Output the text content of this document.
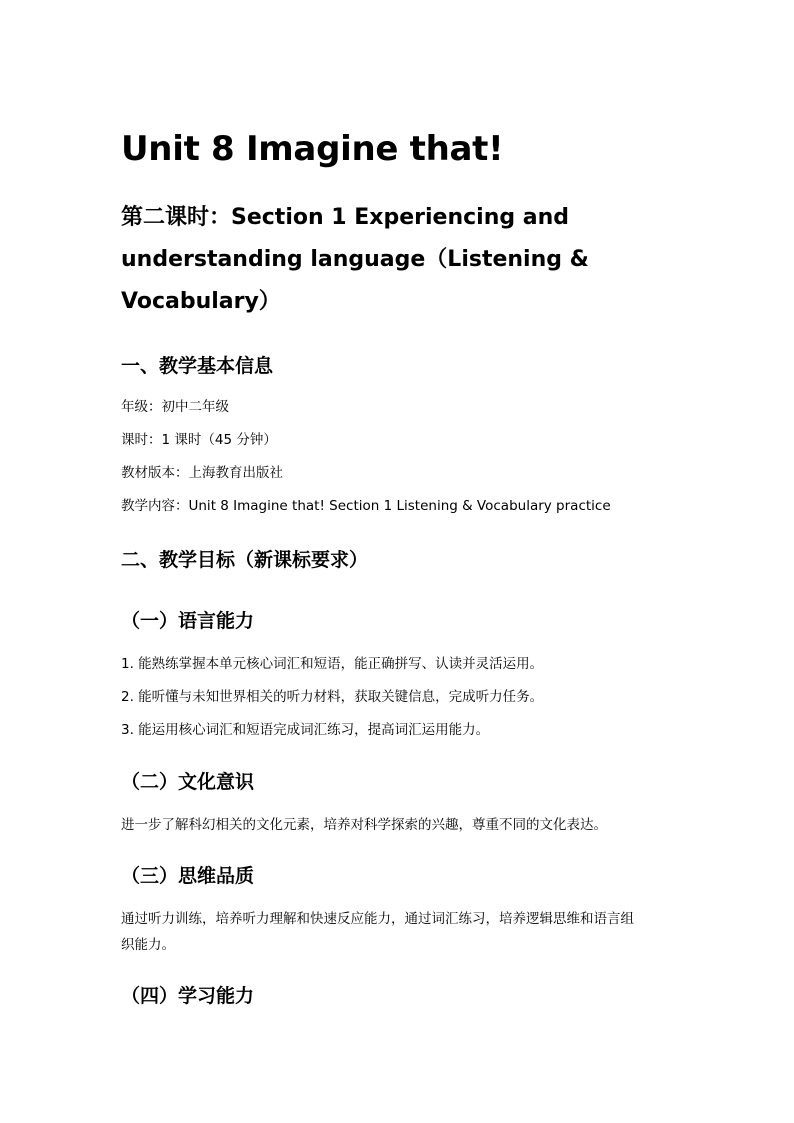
Unit 8 Imagine that!
第二课时：Section 1 Experiencing and
understanding language（Listening &
Vocabulary）
一、教学基本信息
年级：初中二年级
课时：1 课时（45 分钟）
教材版本：上海教育出版社
教学内容：Unit 8 Imagine that! Section 1 Listening & Vocabulary practice
二、教学目标（新课标要求）
（一）语言能力
1. 能熟练掌握本单元核心词汇和短语，能正确拼写、认读并灵活运用。
2. 能听懂与未知世界相关的听力材料，获取关键信息，完成听力任务。
3. 能运用核心词汇和短语完成词汇练习，提高词汇运用能力。
（二）文化意识
进一步了解科幻相关的文化元素，培养对科学探索的兴趣，尊重不同的文化表达。
（三）思维品质
通过听力训练，培养听力理解和快速反应能力，通过词汇练习，培养逻辑思维和语言组
织能力。
（四）学习能力
